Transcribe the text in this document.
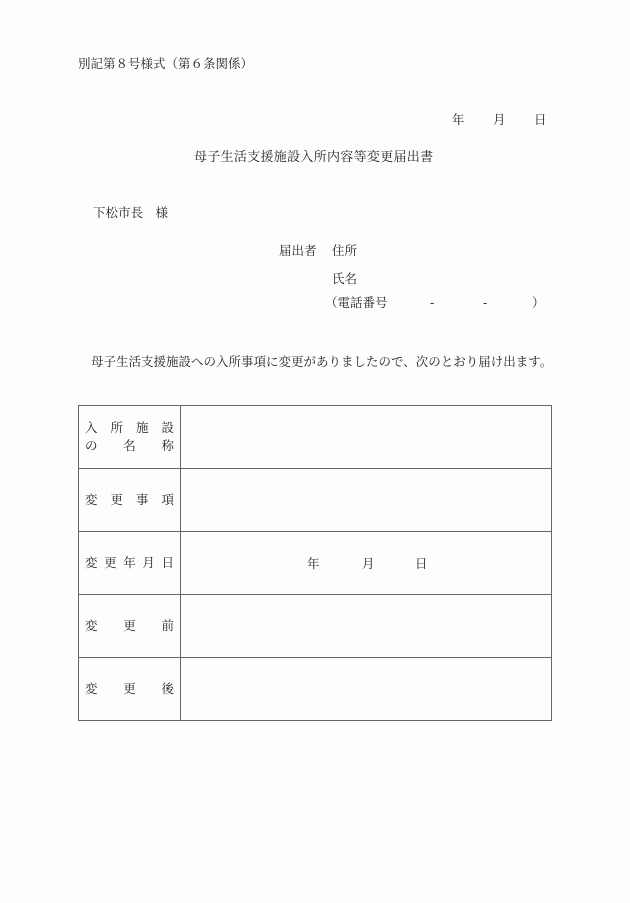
別記第８号様式（第６条関係）
年 月 日
母子生活支援施設入所内容等変更届出書
下松市長　様
届出者 住所
氏名
（電話番号	-	-	）
母子生活支援施設への入所事項に変更がありましたので、次のとおり届け出ます。
入 所 施 設
の 名 称

変 更 事 項	

変 更 年 月 日	年 月 日

変 更 前	

変 更 後	
